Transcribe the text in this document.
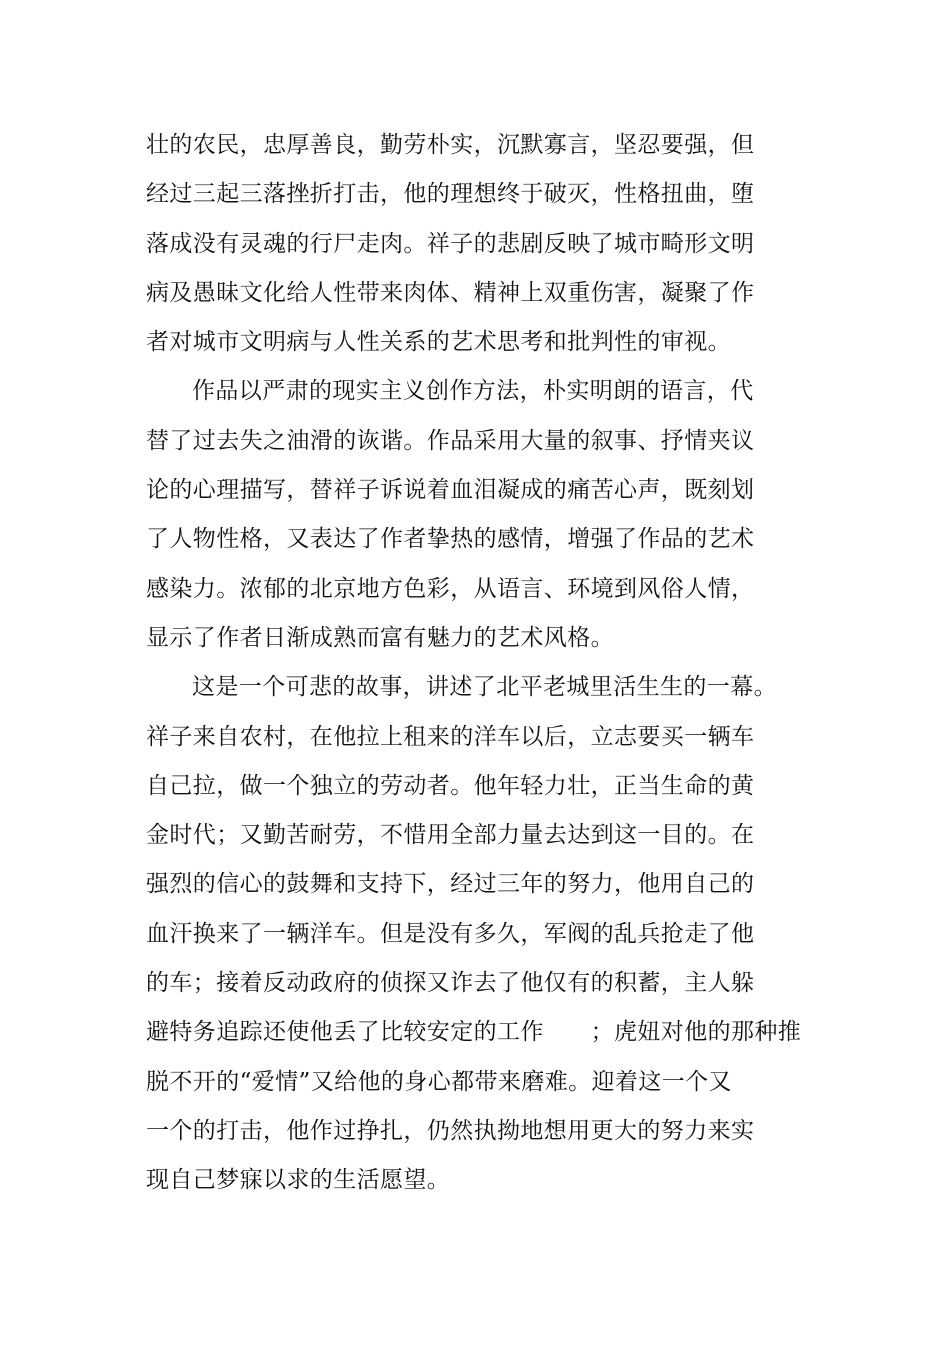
壮的农民，忠厚善良，勤劳朴实，沉默寡言，坚忍要强，但
经过三起三落挫折打击，他的理想终于破灭，性格扭曲，堕
落成没有灵魂的行尸走肉。祥子的悲剧反映了城市畸形文明
病及愚昧文化给人性带来肉体、精神上双重伤害，凝聚了作
者对城市文明病与人性关系的艺术思考和批判性的审视。
作品以严肃的现实主义创作方法，朴实明朗的语言，代
替了过去失之油滑的诙谐。作品采用大量的叙事、抒情夹议
论的心理描写，替祥子诉说着血泪凝成的痛苦心声，既刻划
了人物性格，又表达了作者挚热的感情，增强了作品的艺术
感染力。浓郁的北京地方色彩，从语言、环境到风俗人情，
显示了作者日渐成熟而富有魅力的艺术风格。
这是一个可悲的故事，讲述了北平老城里活生生的一幕。
祥子来自农村，在他拉上租来的洋车以后，立志要买一辆车
自己拉，做一个独立的劳动者。他年轻力壮，正当生命的黄
金时代；又勤苦耐劳，不惜用全部力量去达到这一目的。在
强烈的信心的鼓舞和支持下，经过三年的努力，他用自己的
血汗换来了一辆洋车。但是没有多久，军阀的乱兵抢走了他
的车；接着反动政府的侦探又诈去了他仅有的积蓄，主人躲
避特务追踪还使他丢了比较安定的工作　　；虎妞对他的那种推
脱不开的“爱情”又给他的身心都带来磨难。迎着这一个又
一个的打击，他作过挣扎，仍然执拗地想用更大的努力来实
现自己梦寐以求的生活愿望。
